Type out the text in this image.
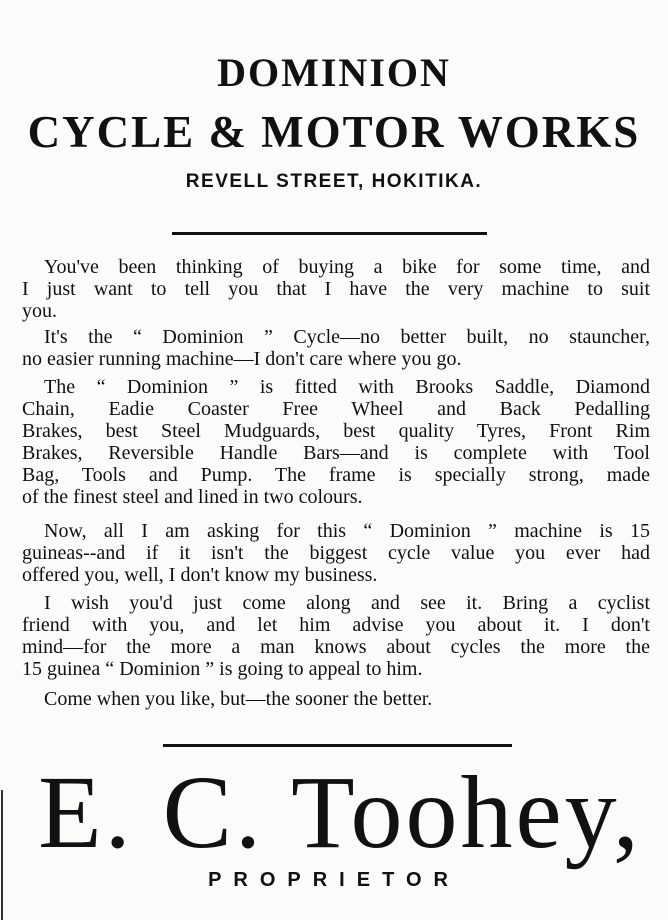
DOMINION
CYCLE & MOTOR WORKS
REVELL STREET, HOKITIKA.
You've been thinking of buying a bike for some time, and
I just want to tell you that I have the very machine to suit
you.
It's the “ Dominion ” Cycle—no better built, no stauncher,
no easier running machine—I don't care where you go.
The “ Dominion ” is fitted with Brooks Saddle, Diamond
Chain, Eadie Coaster Free Wheel and Back Pedalling
Brakes, best Steel Mudguards, best quality Tyres, Front Rim
Brakes, Reversible Handle Bars—and is complete with Tool
Bag, Tools and Pump. The frame is specially strong, made
of the finest steel and lined in two colours.
Now, all I am asking for this “ Dominion ” machine is 15
guineas--and if it isn't the biggest cycle value you ever had
offered you, well, I don't know my business.
I wish you'd just come along and see it. Bring a cyclist
friend with you, and let him advise you about it. I don't
mind—for the more a man knows about cycles the more the
15 guinea “ Dominion ” is going to appeal to him.
Come when you like, but—the sooner the better.
E. C. Toohey,
PROPRIETOR
